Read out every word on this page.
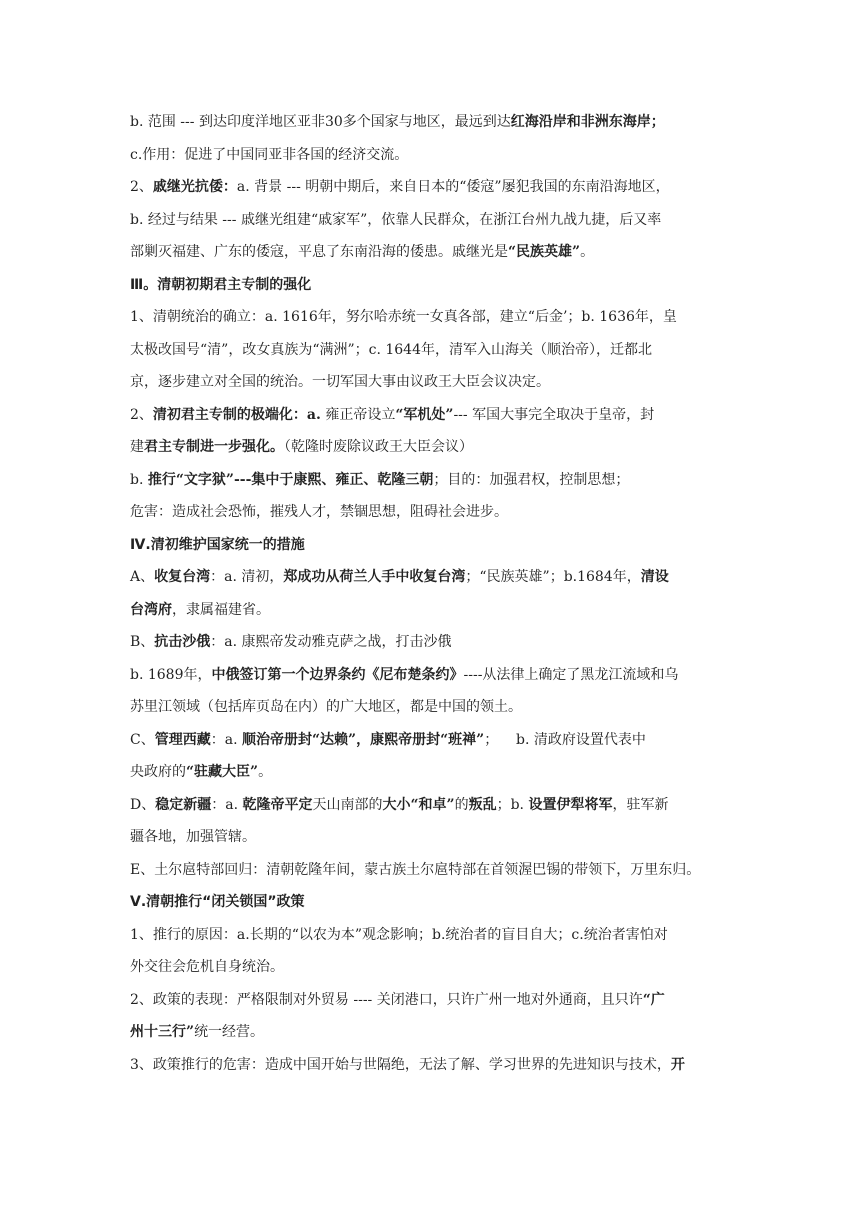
b. 范围 --- 到达印度洋地区亚非30多个国家与地区，最远到达红海沿岸和非洲东海岸；

c.作用：促进了中国同亚非各国的经济交流。

2、戚继光抗倭：a. 背景 --- 明朝中期后，来自日本的“倭寇”屡犯我国的东南沿海地区，

b. 经过与结果 --- 戚继光组建“戚家军”，依靠人民群众，在浙江台州九战九捷，后又率

部剿灭福建、广东的倭寇，平息了东南沿海的倭患。戚继光是“民族英雄”。

Ⅲ。清朝初期君主专制的强化

1、清朝统治的确立：a. 1616年，努尔哈赤统一女真各部，建立“后金’；b. 1636年，皇

太极改国号“清”，改女真族为“满洲”；c. 1644年，清军入山海关（顺治帝），迁都北

京，逐步建立对全国的统治。一切军国大事由议政王大臣会议决定。

2、清初君主专制的极端化：a. 雍正帝设立“军机处”--- 军国大事完全取决于皇帝，封

建君主专制进一步强化。（乾隆时废除议政王大臣会议）

b. 推行“文字狱”---集中于康熙、雍正、乾隆三朝；目的：加强君权，控制思想；

危害：造成社会恐怖，摧残人才，禁锢思想，阻碍社会进步。

Ⅳ.清初维护国家统一的措施

A、收复台湾：a. 清初，郑成功从荷兰人手中收复台湾；“民族英雄”；b.1684年，清设

台湾府，隶属福建省。

B、抗击沙俄：a. 康熙帝发动雅克萨之战，打击沙俄

b. 1689年，中俄签订第一个边界条约《尼布楚条约》----从法律上确定了黑龙江流域和乌

苏里江领域（包括库页岛在内）的广大地区，都是中国的领土。

C、管理西藏：a. 顺治帝册封“达赖”，康熙帝册封“班禅”；    b. 清政府设置代表中

央政府的“驻藏大臣”。

D、稳定新疆：a. 乾隆帝平定天山南部的大小“和卓”的叛乱；b. 设置伊犁将军，驻军新

疆各地，加强管辖。

E、土尔扈特部回归：清朝乾隆年间，蒙古族土尔扈特部在首领渥巴锡的带领下，万里东归。

Ⅴ.清朝推行“闭关锁国”政策

1、推行的原因：a.长期的“以农为本”观念影响；b.统治者的盲目自大；c.统治者害怕对

外交往会危机自身统治。

2、政策的表现：严格限制对外贸易 ---- 关闭港口，只许广州一地对外通商，且只许“广

州十三行”统一经营。

3、政策推行的危害：造成中国开始与世隔绝，无法了解、学习世界的先进知识与技术，开
